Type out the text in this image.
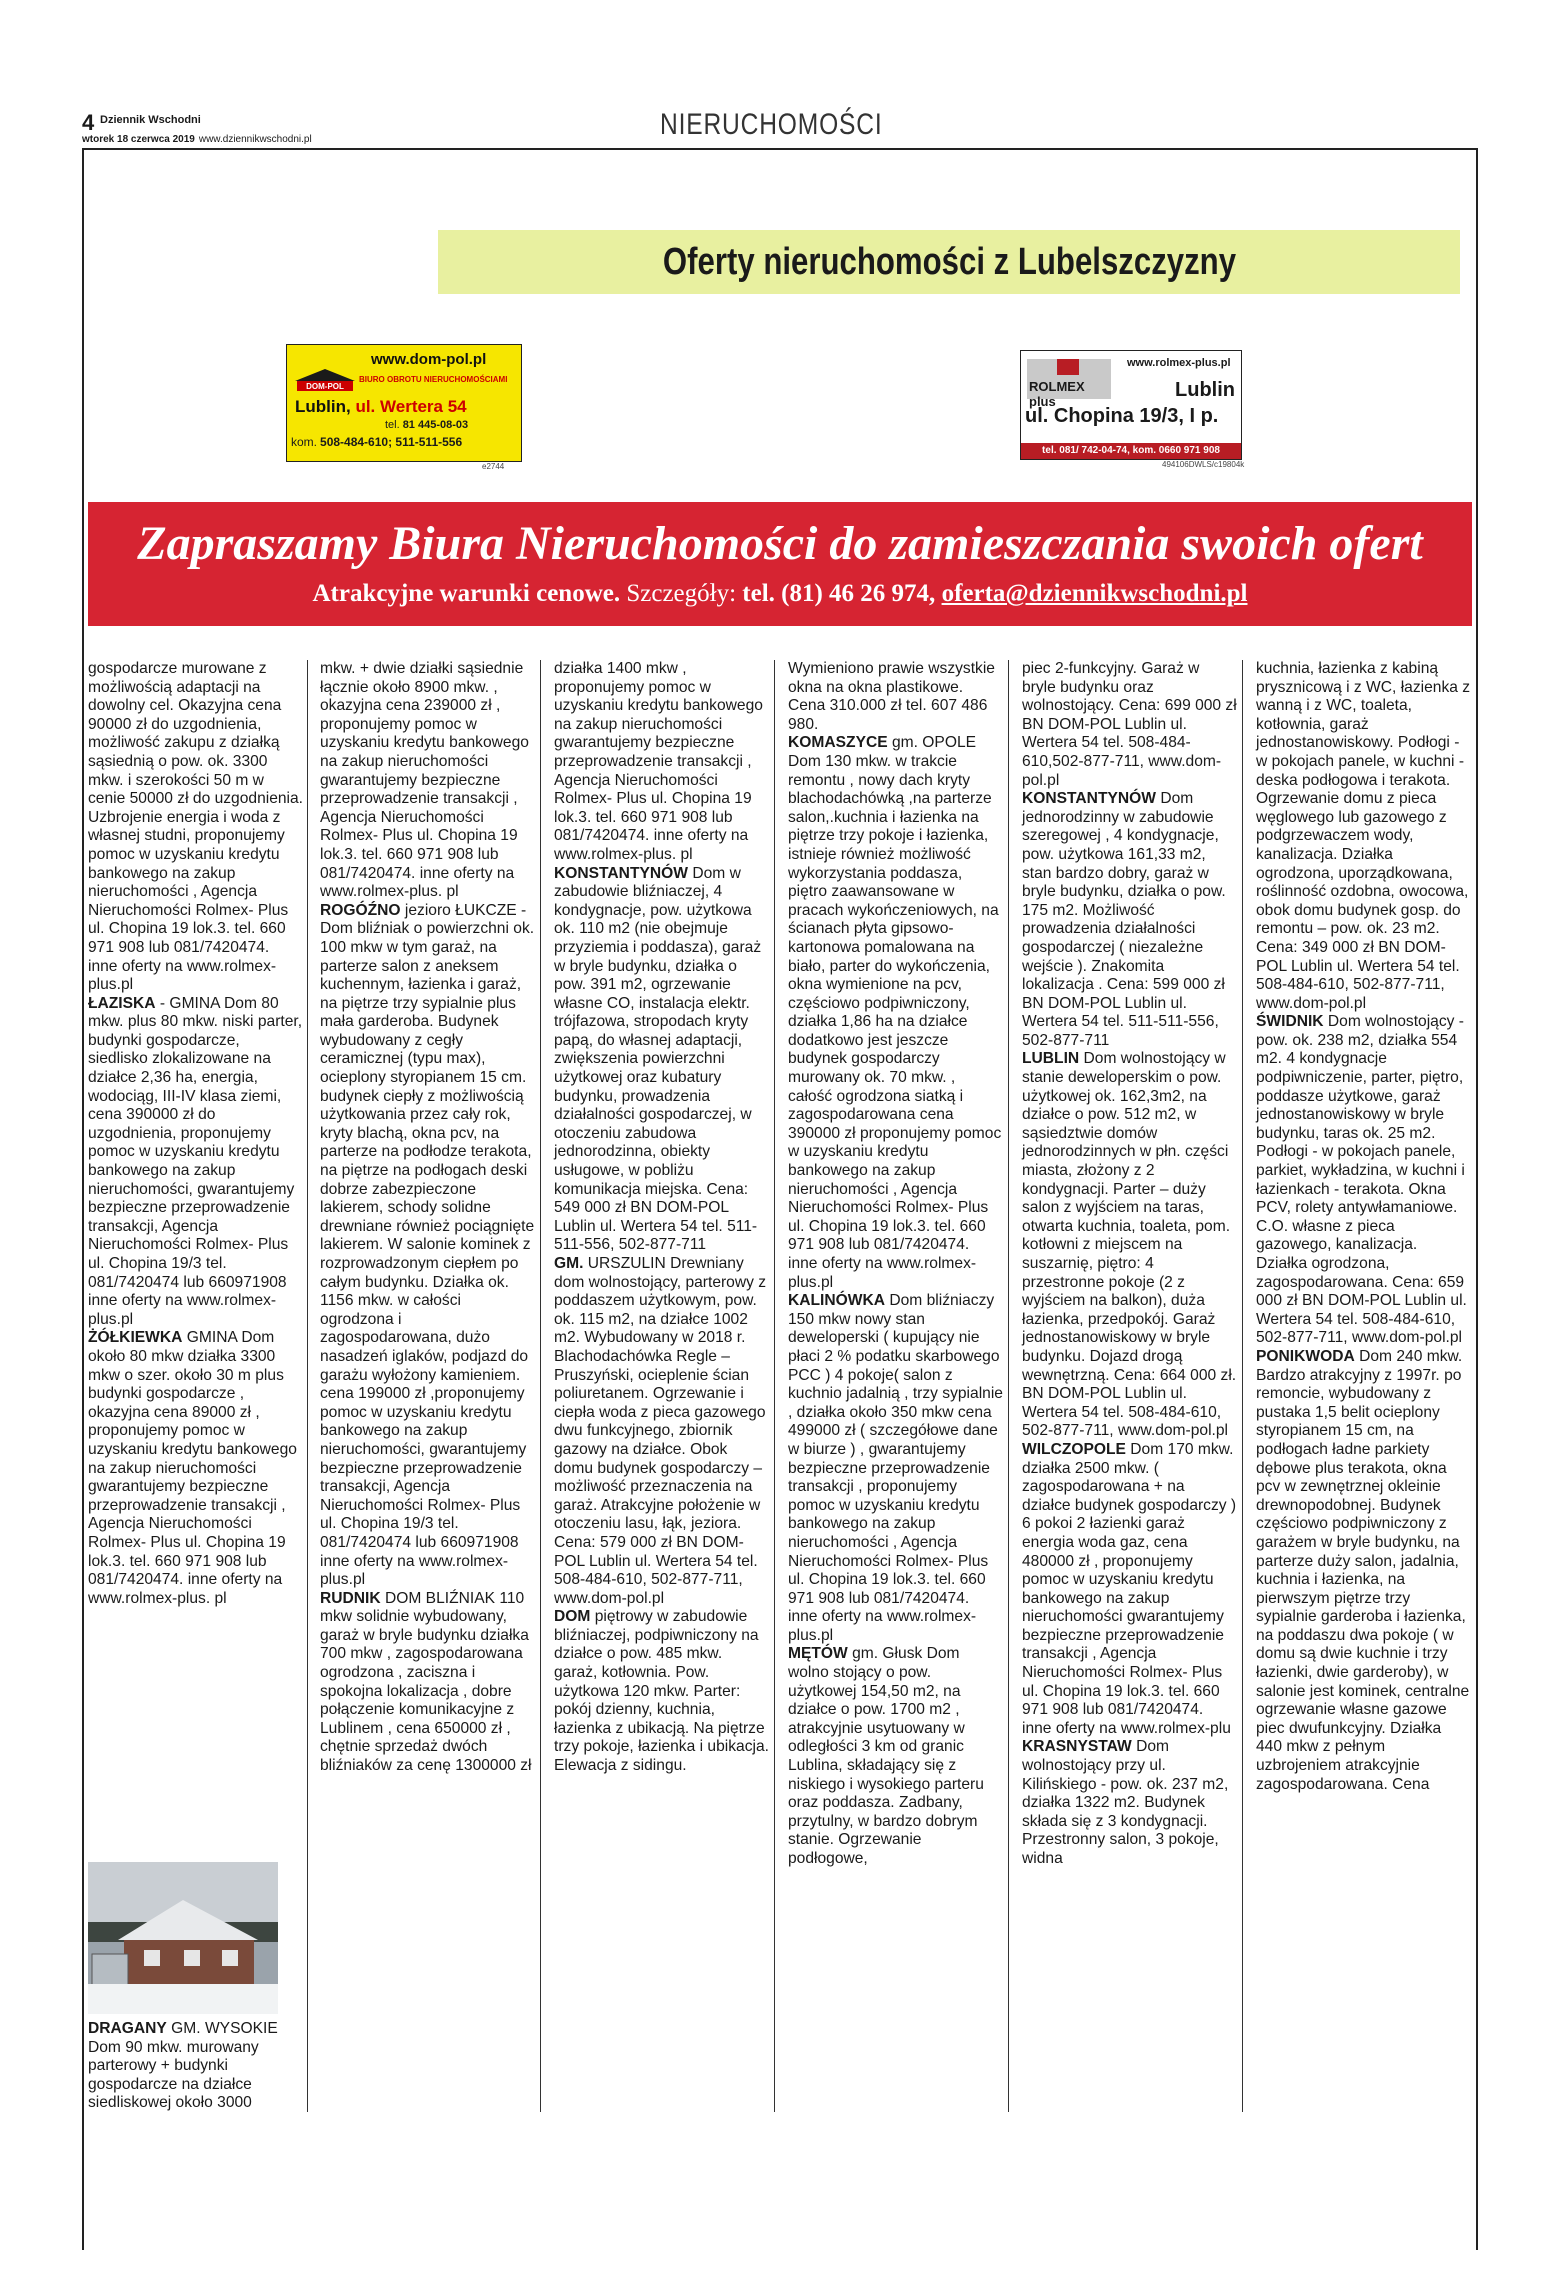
4 Dziennik Wschodni
wtorek 18 czerwca 2019 www.dziennikwschodni.pl	NIERUCHOMOŚCI
Oferty nieruchomości z Lubelszczyzny
www.dom-pol.pl
DOM-POL
BIURO OBROTU NIERUCHOMOŚCIAMI
Lublin, ul. Wertera 54
tel. 81 445-08-03
kom. 508-484-610; 511-511-556
e2744
ROLMEX plus
www.rolmex-plus.pl
Lublin
ul. Chopina 19/3, I p.
tel. 081/ 742-04-74, kom. 0660 971 908
494106DWLS/c19804k
Zapraszamy Biura Nieruchomości do zamieszczania swoich ofert
Atrakcyjne warunki cenowe. Szczegóły: tel. (81) 46 26 974, oferta@dziennikwschodni.pl

gospodarcze murowane z możliwością adaptacji na dowolny cel. Okazyjna cena 90000 zł do uzgodnienia, możliwość zakupu z działką sąsiednią o pow. ok. 3300 mkw. i szerokości 50 m w cenie 50000 zł do uzgodnienia. Uzbrojenie energia i woda z własnej studni, proponujemy pomoc w uzyskaniu kredytu bankowego na zakup nieruchomości , Agencja Nieruchomości Rolmex- Plus ul. Chopina 19 lok.3. tel. 660 971 908 lub 081/7420474. inne oferty na www.rolmex-plus.pl

ŁAZISKA - GMINA Dom 80 mkw. plus 80 mkw. niski parter, budynki gospodarcze, siedlisko zlokalizowane na działce 2,36 ha, energia, wodociąg, III-IV klasa ziemi, cena 390000 zł do uzgodnienia, proponujemy pomoc w uzyskaniu kredytu bankowego na zakup nieruchomości, gwarantujemy bezpieczne przeprowadzenie transakcji, Agencja Nieruchomości Rolmex- Plus ul. Chopina 19/3 tel. 081/7420474 lub 660971908 inne oferty na www.rolmex-plus.pl

ŻÓŁKIEWKA GMINA Dom około 80 mkw działka 3300 mkw o szer. około 30 m plus budynki gospodarcze , okazyjna cena 89000 zł , proponujemy pomoc w uzyskaniu kredytu bankowego na zakup nieruchomości gwarantujemy bezpieczne przeprowadzenie transakcji , Agencja Nieruchomości Rolmex- Plus ul. Chopina 19 lok.3. tel. 660 971 908 lub 081/7420474. inne oferty na www.rolmex-plus. pl

mkw. + dwie działki sąsiednie łącznie około 8900 mkw. , okazyjna cena 239000 zł , proponujemy pomoc w uzyskaniu kredytu bankowego na zakup nieruchomości gwarantujemy bezpieczne przeprowadzenie transakcji , Agencja Nieruchomości Rolmex- Plus ul. Chopina 19 lok.3. tel. 660 971 908 lub 081/7420474. inne oferty na www.rolmex-plus. pl

ROGÓŹNO jezioro ŁUKCZE - Dom bliźniak o powierzchni ok. 100 mkw w tym garaż, na parterze salon z aneksem kuchennym, łazienka i garaż, na piętrze trzy sypialnie plus mała garderoba. Budynek wybudowany z cegły ceramicznej (typu max), ocieplony styropianem 15 cm. budynek ciepły z możliwością użytkowania przez cały rok, kryty blachą, okna pcv, na parterze na podłodze terakota, na piętrze na podłogach deski dobrze zabezpieczone lakierem, schody solidne drewniane również pociągnięte lakierem. W salonie kominek z rozprowadzonym ciepłem po całym budynku. Działka ok. 1156 mkw. w całości ogrodzona i zagospodarowana, dużo nasadzeń iglaków, podjazd do garażu wyłożony kamieniem. cena 199000 zł ,proponujemy pomoc w uzyskaniu kredytu bankowego na zakup nieruchomości, gwarantujemy bezpieczne przeprowadzenie transakcji, Agencja Nieruchomości Rolmex- Plus ul. Chopina 19/3 tel. 081/7420474 lub 660971908 inne oferty na www.rolmex-plus.pl

RUDNIK DOM BLIŹNIAK 110 mkw solidnie wybudowany, garaż w bryle budynku działka 700 mkw , zagospodarowana ogrodzona , zaciszna i spokojna lokalizacja , dobre połączenie komunikacyjne z Lublinem , cena 650000 zł , chętnie sprzedaż dwóch bliźniaków za cenę 1300000 zł

działka 1400 mkw , proponujemy pomoc w uzyskaniu kredytu bankowego na zakup nieruchomości gwarantujemy bezpieczne przeprowadzenie transakcji , Agencja Nieruchomości Rolmex- Plus ul. Chopina 19 lok.3. tel. 660 971 908 lub 081/7420474. inne oferty na www.rolmex-plus. pl

KONSTANTYNÓW Dom w zabudowie bliźniaczej, 4 kondygnacje, pow. użytkowa ok. 110 m2 (nie obejmuje przyziemia i poddasza), garaż w bryle budynku, działka o pow. 391 m2, ogrzewanie własne CO, instalacja elektr. trójfazowa, stropodach kryty papą, do własnej adaptacji, zwiększenia powierzchni użytkowej oraz kubatury budynku, prowadzenia działalności gospodarczej, w otoczeniu zabudowa jednorodzinna, obiekty usługowe, w pobliżu komunikacja miejska. Cena: 549 000 zł BN DOM-POL Lublin ul. Wertera 54 tel. 511-511-556, 502-877-711

GM. URSZULIN Drewniany dom wolnostojący, parterowy z poddaszem użytkowym, pow. ok. 115 m2, na działce 1002 m2. Wybudowany w 2018 r. Blachodachówka Regle – Pruszyński, ocieplenie ścian poliuretanem. Ogrzewanie i ciepła woda z pieca gazowego dwu funkcyjnego, zbiornik gazowy na działce. Obok domu budynek gospodarczy – możliwość przeznaczenia na garaż. Atrakcyjne położenie w otoczeniu lasu, łąk, jeziora. Cena: 579 000 zł BN DOM-POL Lublin ul. Wertera 54 tel. 508-484-610, 502-877-711, www.dom-pol.pl

DOM piętrowy w zabudowie bliźniaczej, podpiwniczony na działce o pow. 485 mkw. garaż, kotłownia. Pow. użytkowa 120 mkw. Parter: pokój dzienny, kuchnia, łazienka z ubikacją. Na piętrze trzy pokoje, łazienka i ubikacja. Elewacja z sidingu.

Wymieniono prawie wszystkie okna na okna plastikowe. Cena 310.000 zł tel. 607 486 980.

KOMASZYCE gm. OPOLE Dom 130 mkw. w trakcie remontu , nowy dach kryty blachodachówką ,na parterze salon,.kuchnia i łazienka na piętrze trzy pokoje i łazienka, istnieje również możliwość wykorzystania poddasza, piętro zaawansowane w pracach wykończeniowych, na ścianach płyta gipsowo-kartonowa pomalowana na biało, parter do wykończenia, okna wymienione na pcv, częściowo podpiwniczony, działka 1,86 ha na działce dodatkowo jest jeszcze budynek gospodarczy murowany ok. 70 mkw. , całość ogrodzona siatką i zagospodarowana cena 390000 zł proponujemy pomoc w uzyskaniu kredytu bankowego na zakup nieruchomości , Agencja Nieruchomości Rolmex- Plus ul. Chopina 19 lok.3. tel. 660 971 908 lub 081/7420474. inne oferty na www.rolmex-plus.pl

KALINÓWKA Dom bliźniaczy 150 mkw nowy stan deweloperski ( kupujący nie płaci 2 % podatku skarbowego PCC ) 4 pokoje( salon z kuchnio jadalnią , trzy sypialnie , działka około 350 mkw cena 499000 zł ( szczegółowe dane w biurze ) , gwarantujemy bezpieczne przeprowadzenie transakcji , proponujemy pomoc w uzyskaniu kredytu bankowego na zakup nieruchomości , Agencja Nieruchomości Rolmex- Plus ul. Chopina 19 lok.3. tel. 660 971 908 lub 081/7420474. inne oferty na www.rolmex-plus.pl

MĘTÓW gm. Głusk Dom wolno stojący o pow. użytkowej 154,50 m2, na działce o pow. 1700 m2 , atrakcyjnie usytuowany w odległości 3 km od granic Lublina, składający się z niskiego i wysokiego parteru oraz poddasza. Zadbany, przytulny, w bardzo dobrym stanie. Ogrzewanie podłogowe,

piec 2-funkcyjny. Garaż w bryle budynku oraz wolnostojący. Cena: 699 000 zł BN DOM-POL Lublin ul. Wertera 54 tel. 508-484-610,502-877-711, www.dom-pol.pl

KONSTANTYNÓW Dom jednorodzinny w zabudowie szeregowej , 4 kondygnacje, pow. użytkowa 161,33 m2, stan bardzo dobry, garaż w bryle budynku, działka o pow. 175 m2. Możliwość prowadzenia działalności gospodarczej ( niezależne wejście ). Znakomita lokalizacja . Cena: 599 000 zł BN DOM-POL Lublin ul. Wertera 54 tel. 511-511-556, 502-877-711

LUBLIN Dom wolnostojący w stanie deweloperskim o pow. użytkowej ok. 162,3m2, na działce o pow. 512 m2, w sąsiedztwie domów jednorodzinnych w płn. części miasta, złożony z 2 kondygnacji. Parter – duży salon z wyjściem na taras, otwarta kuchnia, toaleta, pom. kotłowni z miejscem na suszarnię, piętro: 4 przestronne pokoje (2 z wyjściem na balkon), duża łazienka, przedpokój. Garaż jednostanowiskowy w bryle budynku. Dojazd drogą wewnętrzną. Cena: 664 000 zł. BN DOM-POL Lublin ul. Wertera 54 tel. 508-484-610, 502-877-711, www.dom-pol.pl

WILCZOPOLE Dom 170 mkw. działka 2500 mkw. ( zagospodarowana + na działce budynek gospodarczy ) 6 pokoi 2 łazienki garaż energia woda gaz, cena 480000 zł , proponujemy pomoc w uzyskaniu kredytu bankowego na zakup nieruchomości gwarantujemy bezpieczne przeprowadzenie transakcji , Agencja Nieruchomości Rolmex- Plus ul. Chopina 19 lok.3. tel. 660 971 908 lub 081/7420474. inne oferty na www.rolmex-plu

KRASNYSTAW Dom wolnostojący przy ul. Kilińskiego - pow. ok. 237 m2, działka 1322 m2. Budynek składa się z 3 kondygnacji. Przestronny salon, 3 pokoje, widna

kuchnia, łazienka z kabiną prysznicową i z WC, łazienka z wanną i z WC, toaleta, kotłownia, garaż jednostanowiskowy. Podłogi - w pokojach panele, w kuchni - deska podłogowa i terakota. Ogrzewanie domu z pieca węglowego lub gazowego z podgrzewaczem wody, kanalizacja. Działka ogrodzona, uporządkowana, roślinność ozdobna, owocowa, obok domu budynek gosp. do remontu – pow. ok. 23 m2. Cena: 349 000 zł BN DOM-POL Lublin ul. Wertera 54 tel. 508-484-610, 502-877-711, www.dom-pol.pl

ŚWIDNIK Dom wolnostojący - pow. ok. 238 m2, działka 554 m2. 4 kondygnacje podpiwniczenie, parter, piętro, poddasze użytkowe, garaż jednostanowiskowy w bryle budynku, taras ok. 25 m2. Podłogi - w pokojach panele, parkiet, wykładzina, w kuchni i łazienkach - terakota. Okna PCV, rolety antywłamaniowe. C.O. własne z pieca gazowego, kanalizacja. Działka ogrodzona, zagospodarowana. Cena: 659 000 zł BN DOM-POL Lublin ul. Wertera 54 tel. 508-484-610, 502-877-711, www.dom-pol.pl

PONIKWODA Dom 240 mkw. Bardzo atrakcyjny z 1997r. po remoncie, wybudowany z pustaka 1,5 belit ocieplony styropianem 15 cm, na podłogach ładne parkiety dębowe plus terakota, okna pcv w zewnętrznej okleinie drewnopodobnej. Budynek częściowo podpiwniczony z garażem w bryle budynku, na parterze duży salon, jadalnia, kuchnia i łazienka, na pierwszym piętrze trzy sypialnie garderoba i łazienka, na poddaszu dwa pokoje ( w domu są dwie kuchnie i trzy łazienki, dwie garderoby), w salonie jest kominek, centralne ogrzewanie własne gazowe piec dwufunkcyjny. Działka 440 mkw z pełnym uzbrojeniem atrakcyjnie zagospodarowana. Cena

DRAGANY GM. WYSOKIE Dom 90 mkw. murowany parterowy + budynki gospodarcze na działce siedliskowej około 3000
